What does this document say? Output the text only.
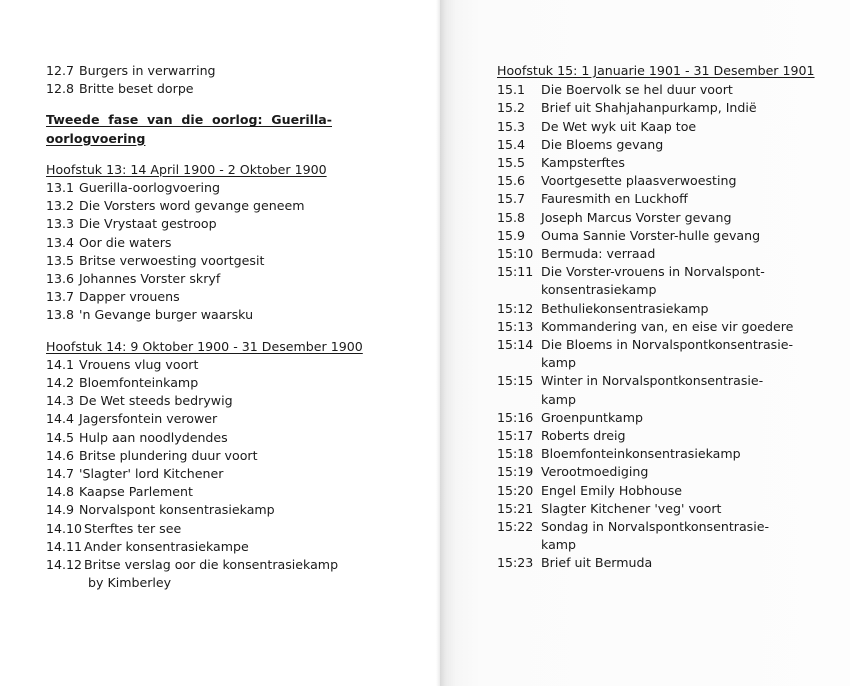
12.7 Burgers in verwarring
12.8 Britte beset dorpe
Tweede fase van die oorlog: Guerilla-
oorlogvoering
Hoofstuk 13: 14 April 1900 - 2 Oktober 1900
13.1 Guerilla-oorlogvoering
13.2 Die Vorsters word gevange geneem
13.3 Die Vrystaat gestroop
13.4 Oor die waters
13.5 Britse verwoesting voortgesit
13.6 Johannes Vorster skryf
13.7 Dapper vrouens
13.8 'n Gevange burger waarsku
Hoofstuk 14: 9 Oktober 1900 - 31 Desember 1900
14.1 Vrouens vlug voort
14.2 Bloemfonteinkamp
14.3 De Wet steeds bedrywig
14.4 Jagersfontein verower
14.5 Hulp aan noodlydendes
14.6 Britse plundering duur voort
14.7 'Slagter' lord Kitchener
14.8 Kaapse Parlement
14.9 Norvalspont konsentrasiekamp
14.10 Sterftes ter see
14.11 Ander konsentrasiekampe
14.12 Britse verslag oor die konsentrasiekamp
by Kimberley
Hoofstuk 15: 1 Januarie 1901 - 31 Desember 1901
15.1	Die Boervolk se hel duur voort
15.2	Brief uit Shahjahanpurkamp, Indië
15.3	De Wet wyk uit Kaap toe
15.4	Die Bloems gevang
15.5	Kampsterftes
15.6	Voortgesette plaasverwoesting
15.7	Fauresmith en Luckhoff
15.8	Joseph Marcus Vorster gevang
15.9	Ouma Sannie Vorster-hulle gevang
15:10 Bermuda: verraad
15:11 Die Vorster-vrouens in Norvalspont-
konsentrasiekamp
15:12 Bethuliekonsentrasiekamp
15:13 Kommandering van, en eise vir goedere
15:14 Die Bloems in Norvalspontkonsentrasie-
kamp
15:15 Winter in Norvalspontkonsentrasie-
kamp
15:16 Groenpuntkamp
15:17 Roberts dreig
15:18 Bloemfonteinkonsentrasiekamp
15:19 Verootmoediging
15:20 Engel Emily Hobhouse
15:21 Slagter Kitchener 'veg' voort
15:22 Sondag in Norvalspontkonsentrasie-
kamp
15:23 Brief uit Bermuda
